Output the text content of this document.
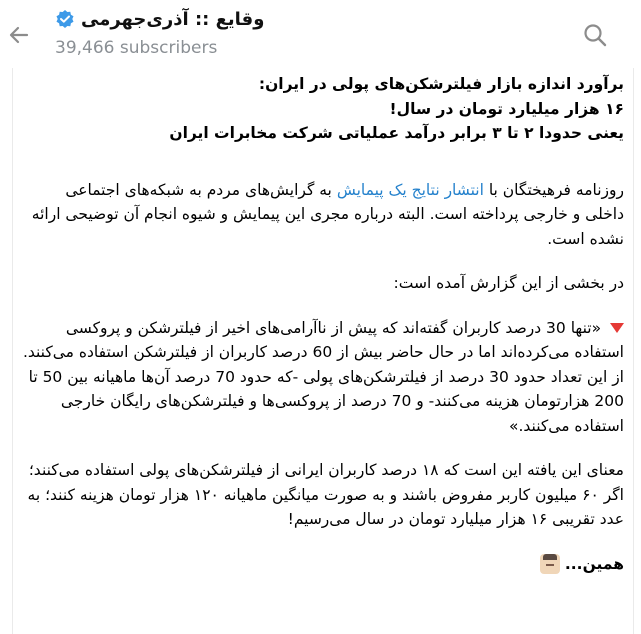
وقایع :: آذری‌جهرمی
39,466 subscribers

برآورد اندازه بازار فیلترشکن‌های پولی در ایران:

۱۶ هزار میلیارد تومان در سال!

یعنی حدودا ۲ تا ۳ برابر درآمد عملیاتی شرکت مخابرات ایران

روزنامه فرهیختگان با انتشار نتایج یک پیمایش به گرایش‌های مردم به شبکه‌های اجتماعی داخلی و خارجی پرداخته است. البته درباره مجری این پیمایش و شیوه انجام آن توضیحی ارائه نشده است.

در بخشی از این گزارش آمده است:

«تنها 30 درصد کاربران گفته‌اند که پیش از ناآرامی‌های اخیر از فیلترشکن و پروکسی استفاده می‌کرده‌اند اما در حال حاضر بیش از 60 درصد کاربران از فیلترشکن استفاده می‌کنند. از این تعداد حدود 30 درصد از فیلترشکن‌های پولی -که حدود 70 درصد آن‌ها ماهیانه بین 50 تا 200 هزارتومان هزینه می‌کنند- و 70 درصد از پروکسی‌ها و فیلترشکن‌های رایگان خارجی استفاده می‌کنند.»

معنای این یافته این است که ۱۸ درصد کاربران ایرانی از فیلترشکن‌های پولی استفاده می‌کنند؛ اگر ۶۰ میلیون کاربر مفروض باشند و به صورت میانگین ماهیانه ۱۲۰ هزار تومان هزینه کنند؛ به عدد تقریبی ۱۶ هزار میلیارد تومان در سال می‌رسیم!

همین...
